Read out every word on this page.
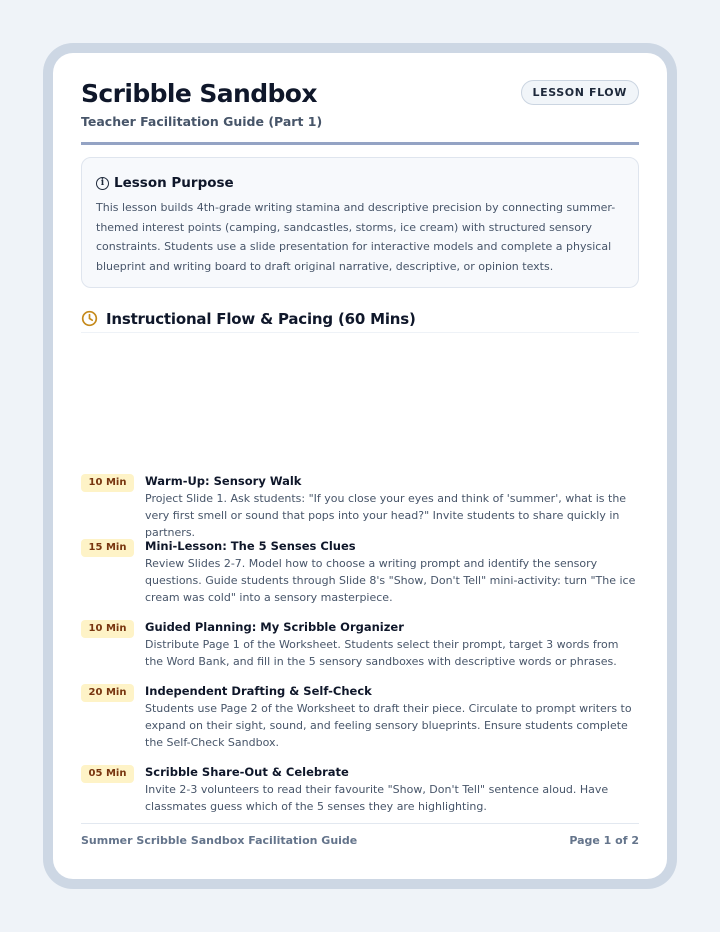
Scribble Sandbox
Teacher Facilitation Guide (Part 1)
LESSON FLOW
i Lesson Purpose
This lesson builds 4th-grade writing stamina and descriptive precision by connecting summer-themed interest points (camping, sandcastles, storms, ice cream) with structured sensory constraints. Students use a slide presentation for interactive models and complete a physical blueprint and writing board to draft original narrative, descriptive, or opinion texts.
Instructional Flow & Pacing (60 Mins)
10 Min	Warm-Up: Sensory Walk
Project Slide 1. Ask students: "If you close your eyes and think of 'summer', what is the very first smell or sound that pops into your head?" Invite students to share quickly in partners.
15 Min	Mini-Lesson: The 5 Senses Clues
Review Slides 2-7. Model how to choose a writing prompt and identify the sensory questions. Guide students through Slide 8's "Show, Don't Tell" mini-activity: turn "The ice cream was cold" into a sensory masterpiece.
10 Min	Guided Planning: My Scribble Organizer
Distribute Page 1 of the Worksheet. Students select their prompt, target 3 words from the Word Bank, and fill in the 5 sensory sandboxes with descriptive words or phrases.
20 Min	Independent Drafting & Self-Check
Students use Page 2 of the Worksheet to draft their piece. Circulate to prompt writers to expand on their sight, sound, and feeling sensory blueprints. Ensure students complete the Self-Check Sandbox.
05 Min	Scribble Share-Out & Celebrate
Invite 2-3 volunteers to read their favourite "Show, Don't Tell" sentence aloud. Have classmates guess which of the 5 senses they are highlighting.
Summer Scribble Sandbox Facilitation Guide	Page 1 of 2
